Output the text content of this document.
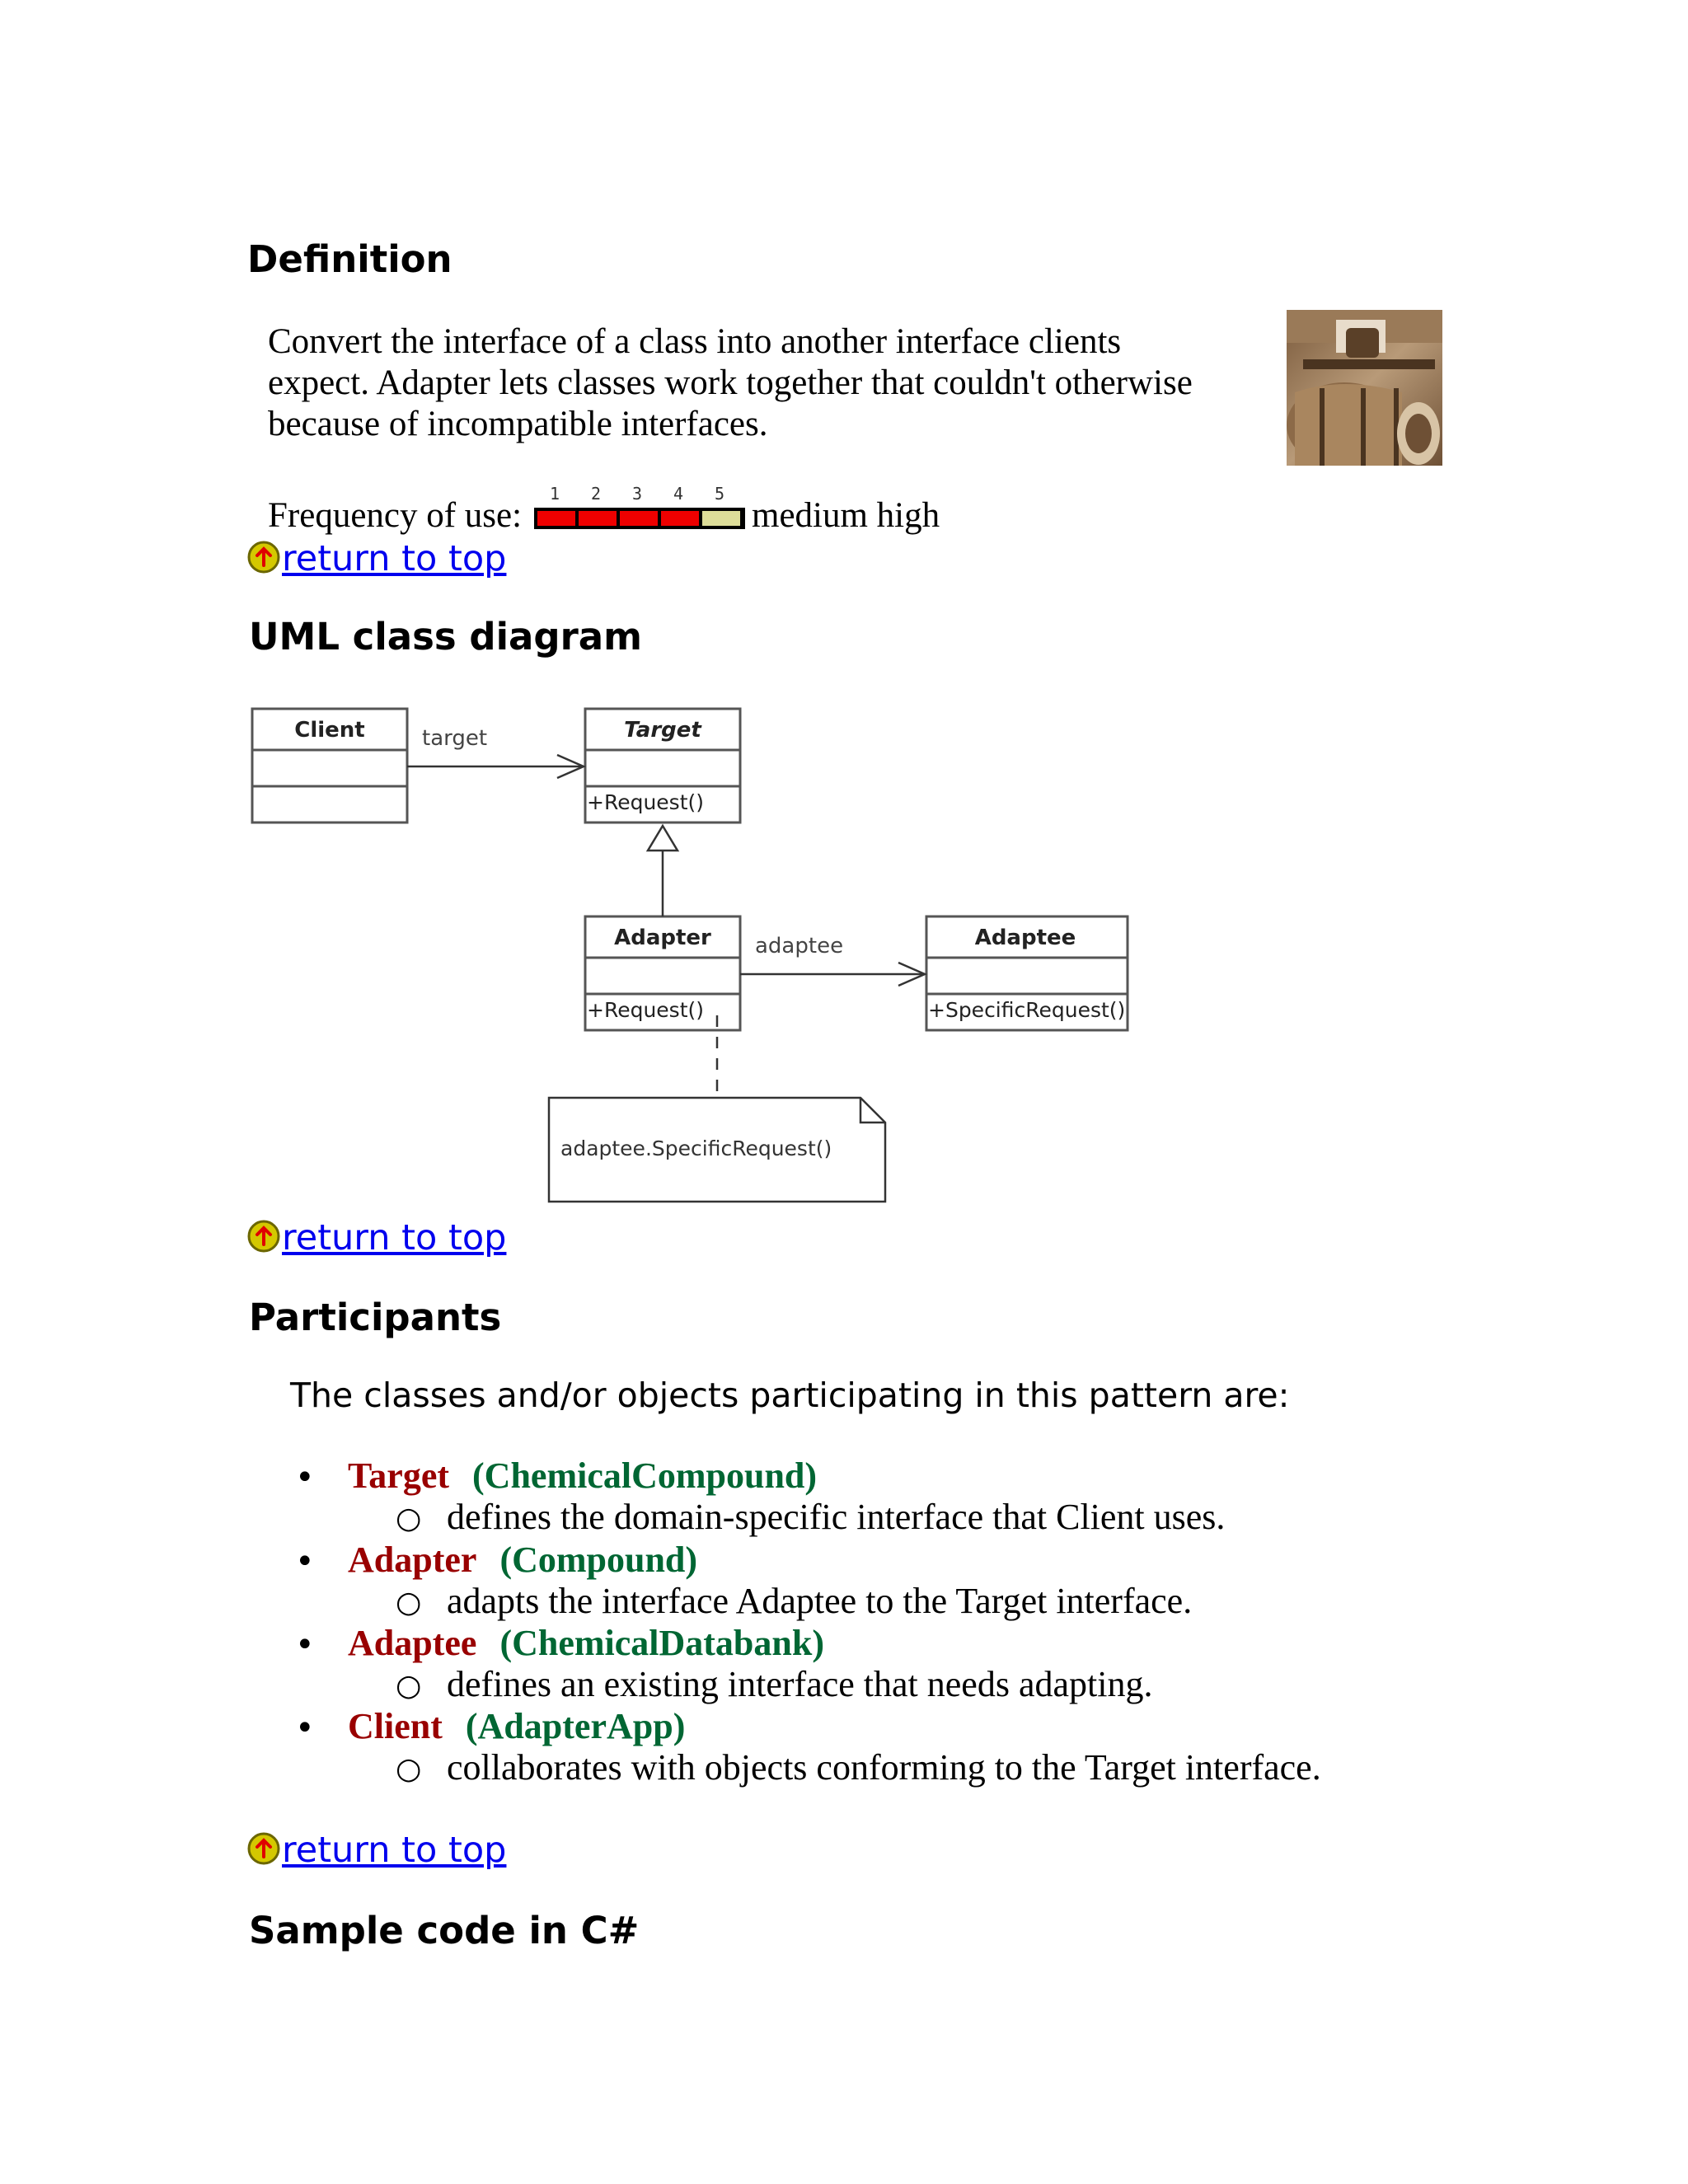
Definition
Convert the interface of a class into another interface clients
expect. Adapter lets classes work together that couldn't otherwise
because of incompatible interfaces.
Frequency of use:
1	2	3	4	5
medium high
return to top
UML class diagram
Client	Target
+Request()
Adapter
+Request()
Adaptee
+SpecificRequest()
target
adaptee
adaptee.SpecificRequest()
return to top
Participants
The classes and/or objects participating in this pattern are:
• Target (ChemicalCompound)
○ defines the domain-specific interface that Client uses.
• Adapter (Compound)
○ adapts the interface Adaptee to the Target interface.
• Adaptee (ChemicalDatabank)
○ defines an existing interface that needs adapting.
• Client (AdapterApp)
○ collaborates with objects conforming to the Target interface.
return to top
Sample code in C#
